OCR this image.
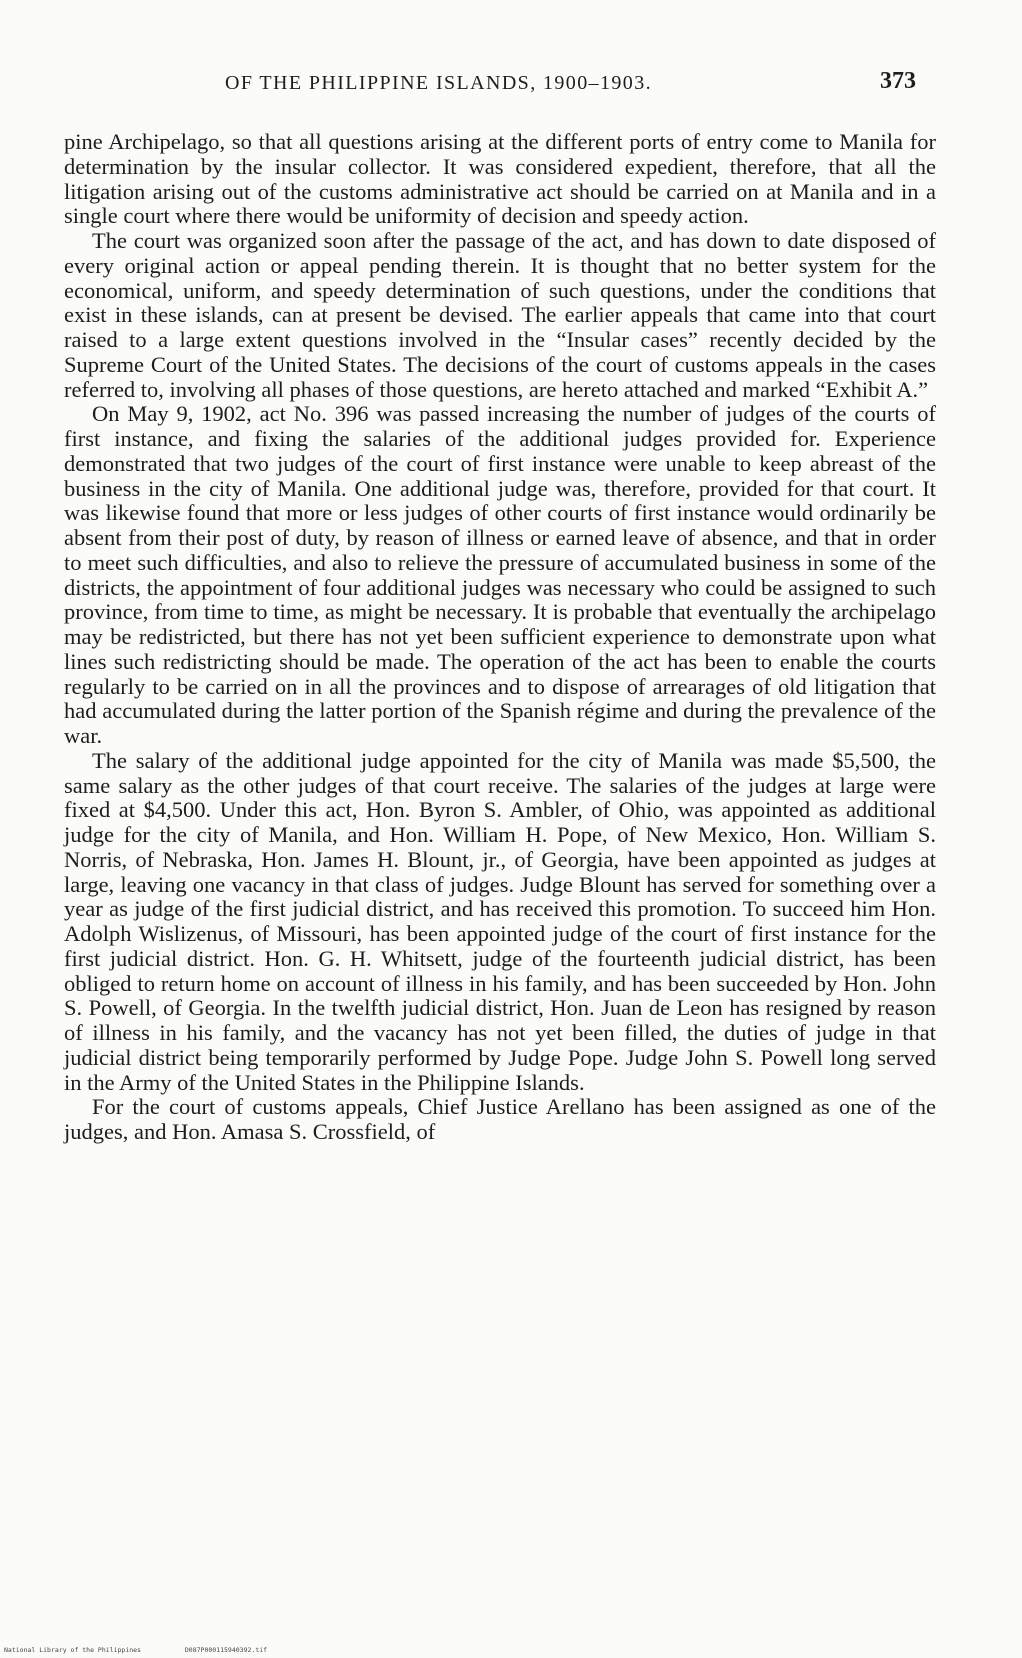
OF THE PHILIPPINE ISLANDS, 1900–1903.	373

pine Archipelago, so that all questions arising at the different ports of entry come to Manila for determination by the insular collector. It was considered expedient, therefore, that all the litigation arising out of the customs administrative act should be carried on at Manila and in a single court where there would be uniformity of decision and speedy action.

The court was organized soon after the passage of the act, and has down to date disposed of every original action or appeal pending therein. It is thought that no better system for the economical, uniform, and speedy determination of such questions, under the conditions that exist in these islands, can at present be devised. The earlier appeals that came into that court raised to a large extent questions involved in the “Insular cases” recently decided by the Supreme Court of the United States. The decisions of the court of customs appeals in the cases referred to, involving all phases of those questions, are hereto attached and marked “Exhibit A.”

On May 9, 1902, act No. 396 was passed increasing the number of judges of the courts of first instance, and fixing the salaries of the additional judges provided for. Experience demonstrated that two judges of the court of first instance were unable to keep abreast of the business in the city of Manila. One additional judge was, therefore, provided for that court. It was likewise found that more or less judges of other courts of first instance would ordinarily be absent from their post of duty, by reason of illness or earned leave of absence, and that in order to meet such difficulties, and also to relieve the pressure of accumulated business in some of the districts, the appointment of four additional judges was necessary who could be assigned to such province, from time to time, as might be necessary. It is probable that eventually the archipelago may be redistricted, but there has not yet been sufficient experience to demonstrate upon what lines such redistricting should be made. The operation of the act has been to enable the courts regularly to be carried on in all the provinces and to dispose of arrearages of old litigation that had accumulated during the latter portion of the Spanish régime and during the prevalence of the war.

The salary of the additional judge appointed for the city of Manila was made $5,500, the same salary as the other judges of that court receive. The salaries of the judges at large were fixed at $4,500. Under this act, Hon. Byron S. Ambler, of Ohio, was appointed as additional judge for the city of Manila, and Hon. William H. Pope, of New Mexico, Hon. William S. Norris, of Nebraska, Hon. James H. Blount, jr., of Georgia, have been appointed as judges at large, leaving one vacancy in that class of judges. Judge Blount has served for something over a year as judge of the first judicial district, and has received this promotion. To succeed him Hon. Adolph Wislizenus, of Missouri, has been appointed judge of the court of first instance for the first judicial district. Hon. G. H. Whitsett, judge of the fourteenth judicial district, has been obliged to return home on account of illness in his family, and has been succeeded by Hon. John S. Powell, of Georgia. In the twelfth judicial district, Hon. Juan de Leon has resigned by reason of illness in his family, and the vacancy has not yet been filled, the duties of judge in that judicial district being temporarily performed by Judge Pope. Judge John S. Powell long served in the Army of the United States in the Philippine Islands.

For the court of customs appeals, Chief Justice Arellano has been assigned as one of the judges, and Hon. Amasa S. Crossfield, of

National Library of the Philippines	D087P000115940392.tif
